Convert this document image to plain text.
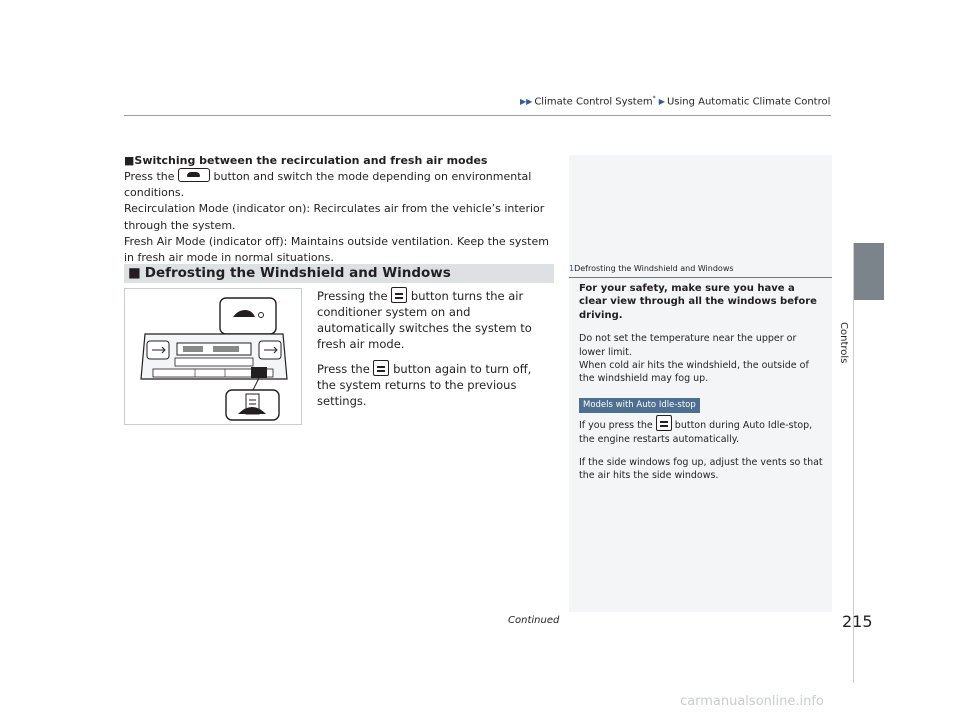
▶▶ Climate Control System* ▶ Using Automatic Climate Control
Controls
■Switching between the recirculation and fresh air modes

Press the	button and switch the mode depending on environmental conditions.

Recirculation Mode (indicator on): Recirculates air from the vehicle’s interior through the system.

Fresh Air Mode (indicator off): Maintains outside ventilation. Keep the system in fresh air mode in normal situations.

■ Defrosting the Windshield and Windows

Pressing the button turns the air conditioner system on and automatically switches the system to fresh air mode.

Press the button again to turn off, the system returns to the previous settings.

1Defrosting the Windshield and Windows

For your safety, make sure you have a clear view through all the windows before driving.

Do not set the temperature near the upper or lower limit.

When cold air hits the windshield, the outside of the windshield may fog up.

Models with Auto Idle-stop

If you press the button during Auto Idle-stop, the engine restarts automatically.

If the side windows fog up, adjust the vents so that the air hits the side windows.

Continued	215
carmanualsonline.info
